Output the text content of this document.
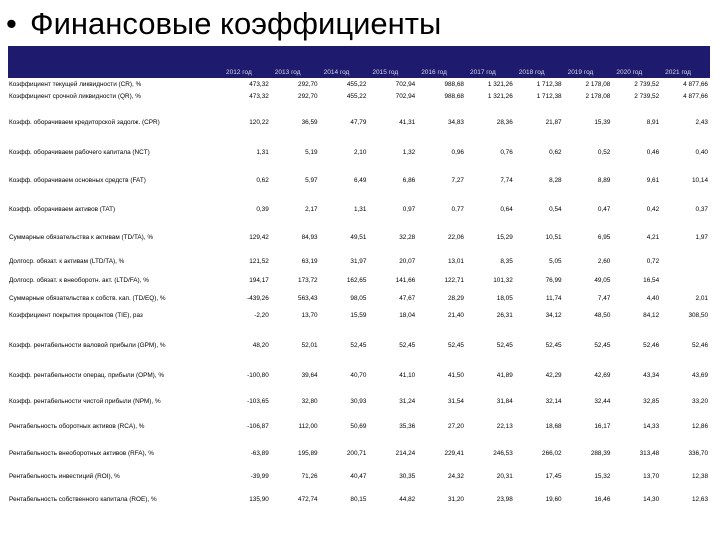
• Финансовые коэффициенты
	2012 год	2013 год	2014 год	2015 год	2016 год	2017 год	2018 год	2019 год	2020 год	2021 год
Коэффициент текущей ликвидности (CR), %	473,32	292,70	455,22	702,94	988,68	1 321,26	1 712,38	2 178,08	2 739,52	4 877,66
Коэффициент срочной ликвидности (QR), %	473,32	292,70	455,22	702,94	988,68	1 321,26	1 712,38	2 178,08	2 739,52	4 877,66
Коэфф. оборачиваем кредиторской задолж. (CPR)	120,22	36,59	47,79	41,31	34,83	28,36	21,87	15,39	8,91	2,43
Коэфф. оборачиваем рабочего капитала (NCT)	1,31	5,19	2,10	1,32	0,96	0,76	0,62	0,52	0,46	0,40
Коэфф. оборачиваем основных средств (FAT)	0,62	5,97	6,49	6,86	7,27	7,74	8,28	8,89	9,61	10,14
Коэфф. оборачиваем активов (TAT)	0,39	2,17	1,31	0,97	0,77	0,64	0,54	0,47	0,42	0,37
Суммарные обязательства к активам (TD/TA), %	129,42	84,93	49,51	32,28	22,06	15,29	10,51	6,95	4,21	1,97
Долгоср. обязат. к активам (LTD/TA), %	121,52	63,19	31,97	20,07	13,01	8,35	5,05	2,60	0,72	
Долгоср. обязат. к внеоборотн. акт. (LTD/FA), %	194,17	173,72	162,65	141,66	122,71	101,32	76,99	49,05	16,54	
Суммарные обязательства к собств. кап. (TD/EQ), %	-439,26	563,43	98,05	47,67	28,29	18,05	11,74	7,47	4,40	2,01
Коэффициент покрытия процентов (TIE), раз	-2,20	13,70	15,59	18,04	21,40	26,31	34,12	48,50	84,12	308,50
Коэфф. рентабельности валовой прибыли (GPM), %	48,20	52,01	52,45	52,45	52,45	52,45	52,45	52,45	52,46	52,46
Коэфф. рентабельности операц. прибыли (OPM), %	-100,80	39,64	40,70	41,10	41,50	41,89	42,29	42,69	43,34	43,69
Коэфф. рентабельности чистой прибыли (NPM), %	-103,65	32,80	30,93	31,24	31,54	31,84	32,14	32,44	32,85	33,20
Рентабельность оборотных активов (RCA), %	-106,87	112,00	50,69	35,36	27,20	22,13	18,68	16,17	14,33	12,86
Рентабельность внеоборотных активов (RFA), %	-63,89	195,89	200,71	214,24	229,41	246,53	266,02	288,39	313,48	336,70
Рентабельность инвестиций (ROI), %	-39,99	71,26	40,47	30,35	24,32	20,31	17,45	15,32	13,70	12,38
Рентабельность собственного капитала (ROE), %	135,90	472,74	80,15	44,82	31,20	23,98	19,60	16,46	14,30	12,63
